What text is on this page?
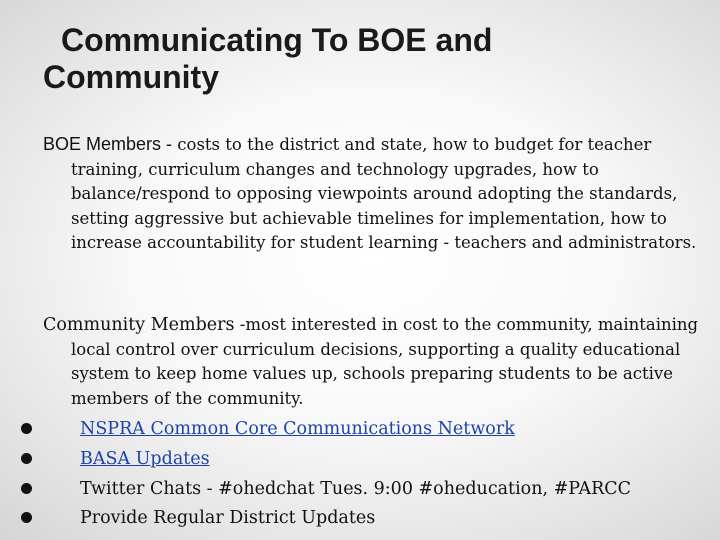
Communicating To BOE and Community

BOE Members - costs to the district and state, how to budget for teacher training, curriculum changes and technology upgrades, how to balance/respond to opposing viewpoints around adopting the standards, setting aggressive but achievable timelines for implementation, how to increase accountability for student learning - teachers and administrators.

Community Members -most interested in cost to the community, maintaining local control over curriculum decisions, supporting a quality educational system to keep home values up, schools preparing students to be active members of the community.

NSPRA Common Core Communications Network
BASA Updates
Twitter Chats - #ohedchat Tues. 9:00 #oheducation, #PARCC
Provide Regular District Updates
